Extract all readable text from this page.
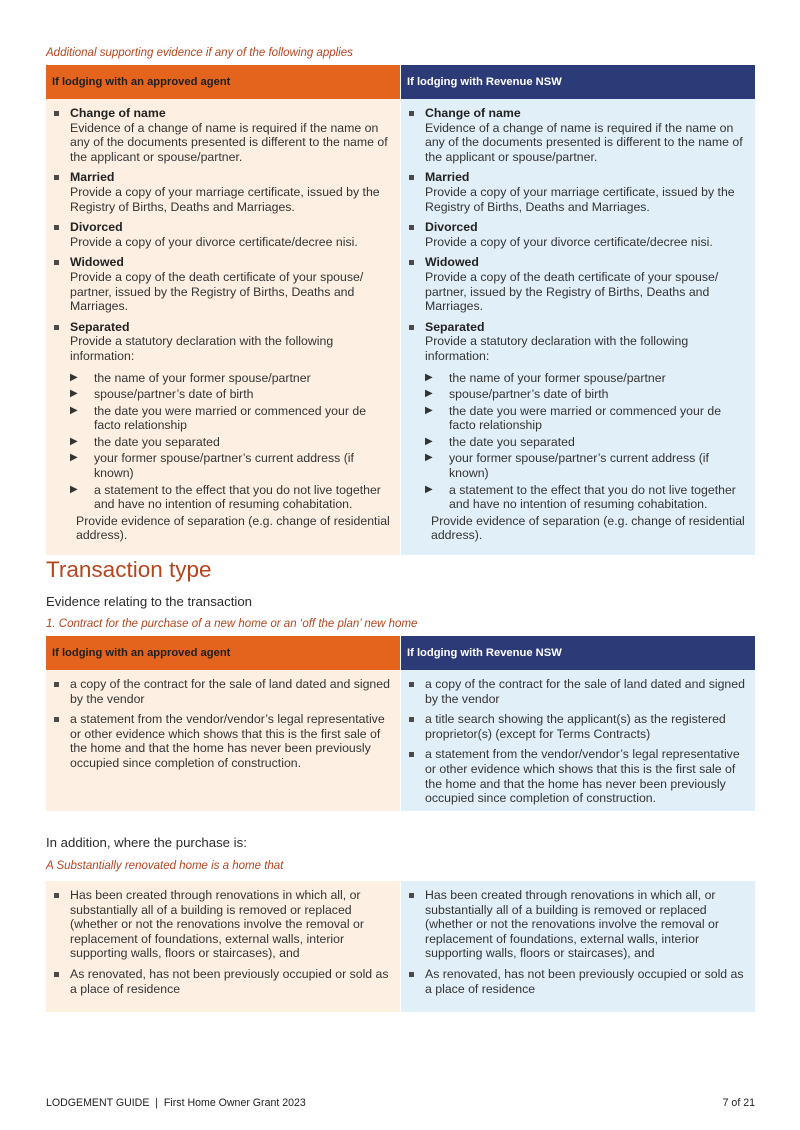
Additional supporting evidence if any of the following applies
If lodging with an approved agent
Change of name
Evidence of a change of name is required if the name on any of the documents presented is different to the name of the applicant or spouse/partner.
Married
Provide a copy of your marriage certificate, issued by the Registry of Births, Deaths and Marriages.
Divorced
Provide a copy of your divorce certificate/decree nisi.
Widowed
Provide a copy of the death certificate of your spouse/ partner, issued by the Registry of Births, Deaths and Marriages.
Separated
Provide a statutory declaration with the following information:
▶ the name of your former spouse/partner
▶ spouse/partner’s date of birth
▶ the date you were married or commenced your de facto relationship
▶ the date you separated
▶ your former spouse/partner’s current address (if known)
▶ a statement to the effect that you do not live together and have no intention of resuming cohabitation.
Provide evidence of separation (e.g. change of residential address).
If lodging with Revenue NSW
Change of name
Evidence of a change of name is required if the name on any of the documents presented is different to the name of the applicant or spouse/partner.
Married
Provide a copy of your marriage certificate, issued by the Registry of Births, Deaths and Marriages.
Divorced
Provide a copy of your divorce certificate/decree nisi.
Widowed
Provide a copy of the death certificate of your spouse/ partner, issued by the Registry of Births, Deaths and Marriages.
Separated
Provide a statutory declaration with the following information:
▶ the name of your former spouse/partner
▶ spouse/partner’s date of birth
▶ the date you were married or commenced your de facto relationship
▶ the date you separated
▶ your former spouse/partner’s current address (if known)
▶ a statement to the effect that you do not live together and have no intention of resuming cohabitation.
Provide evidence of separation (e.g. change of residential address).
Transaction type
Evidence relating to the transaction
1. Contract for the purchase of a new home or an ‘off the plan’ new home
If lodging with an approved agent
a copy of the contract for the sale of land dated and signed by the vendor
a statement from the vendor/vendor’s legal representative or other evidence which shows that this is the first sale of the home and that the home has never been previously occupied since completion of construction.
If lodging with Revenue NSW
a copy of the contract for the sale of land dated and signed by the vendor
a title search showing the applicant(s) as the registered proprietor(s) (except for Terms Contracts)
a statement from the vendor/vendor’s legal representative or other evidence which shows that this is the first sale of the home and that the home has never been previously occupied since completion of construction.
In addition, where the purchase is:
A Substantially renovated home is a home that
Has been created through renovations in which all, or substantially all of a building is removed or replaced (whether or not the renovations involve the removal or replacement of foundations, external walls, interior supporting walls, floors or staircases), and
As renovated, has not been previously occupied or sold as a place of residence
Has been created through renovations in which all, or substantially all of a building is removed or replaced (whether or not the renovations involve the removal or replacement of foundations, external walls, interior supporting walls, floors or staircases), and
As renovated, has not been previously occupied or sold as a place of residence
LODGEMENT GUIDE  |  First Home Owner Grant 2023	7 of 21
